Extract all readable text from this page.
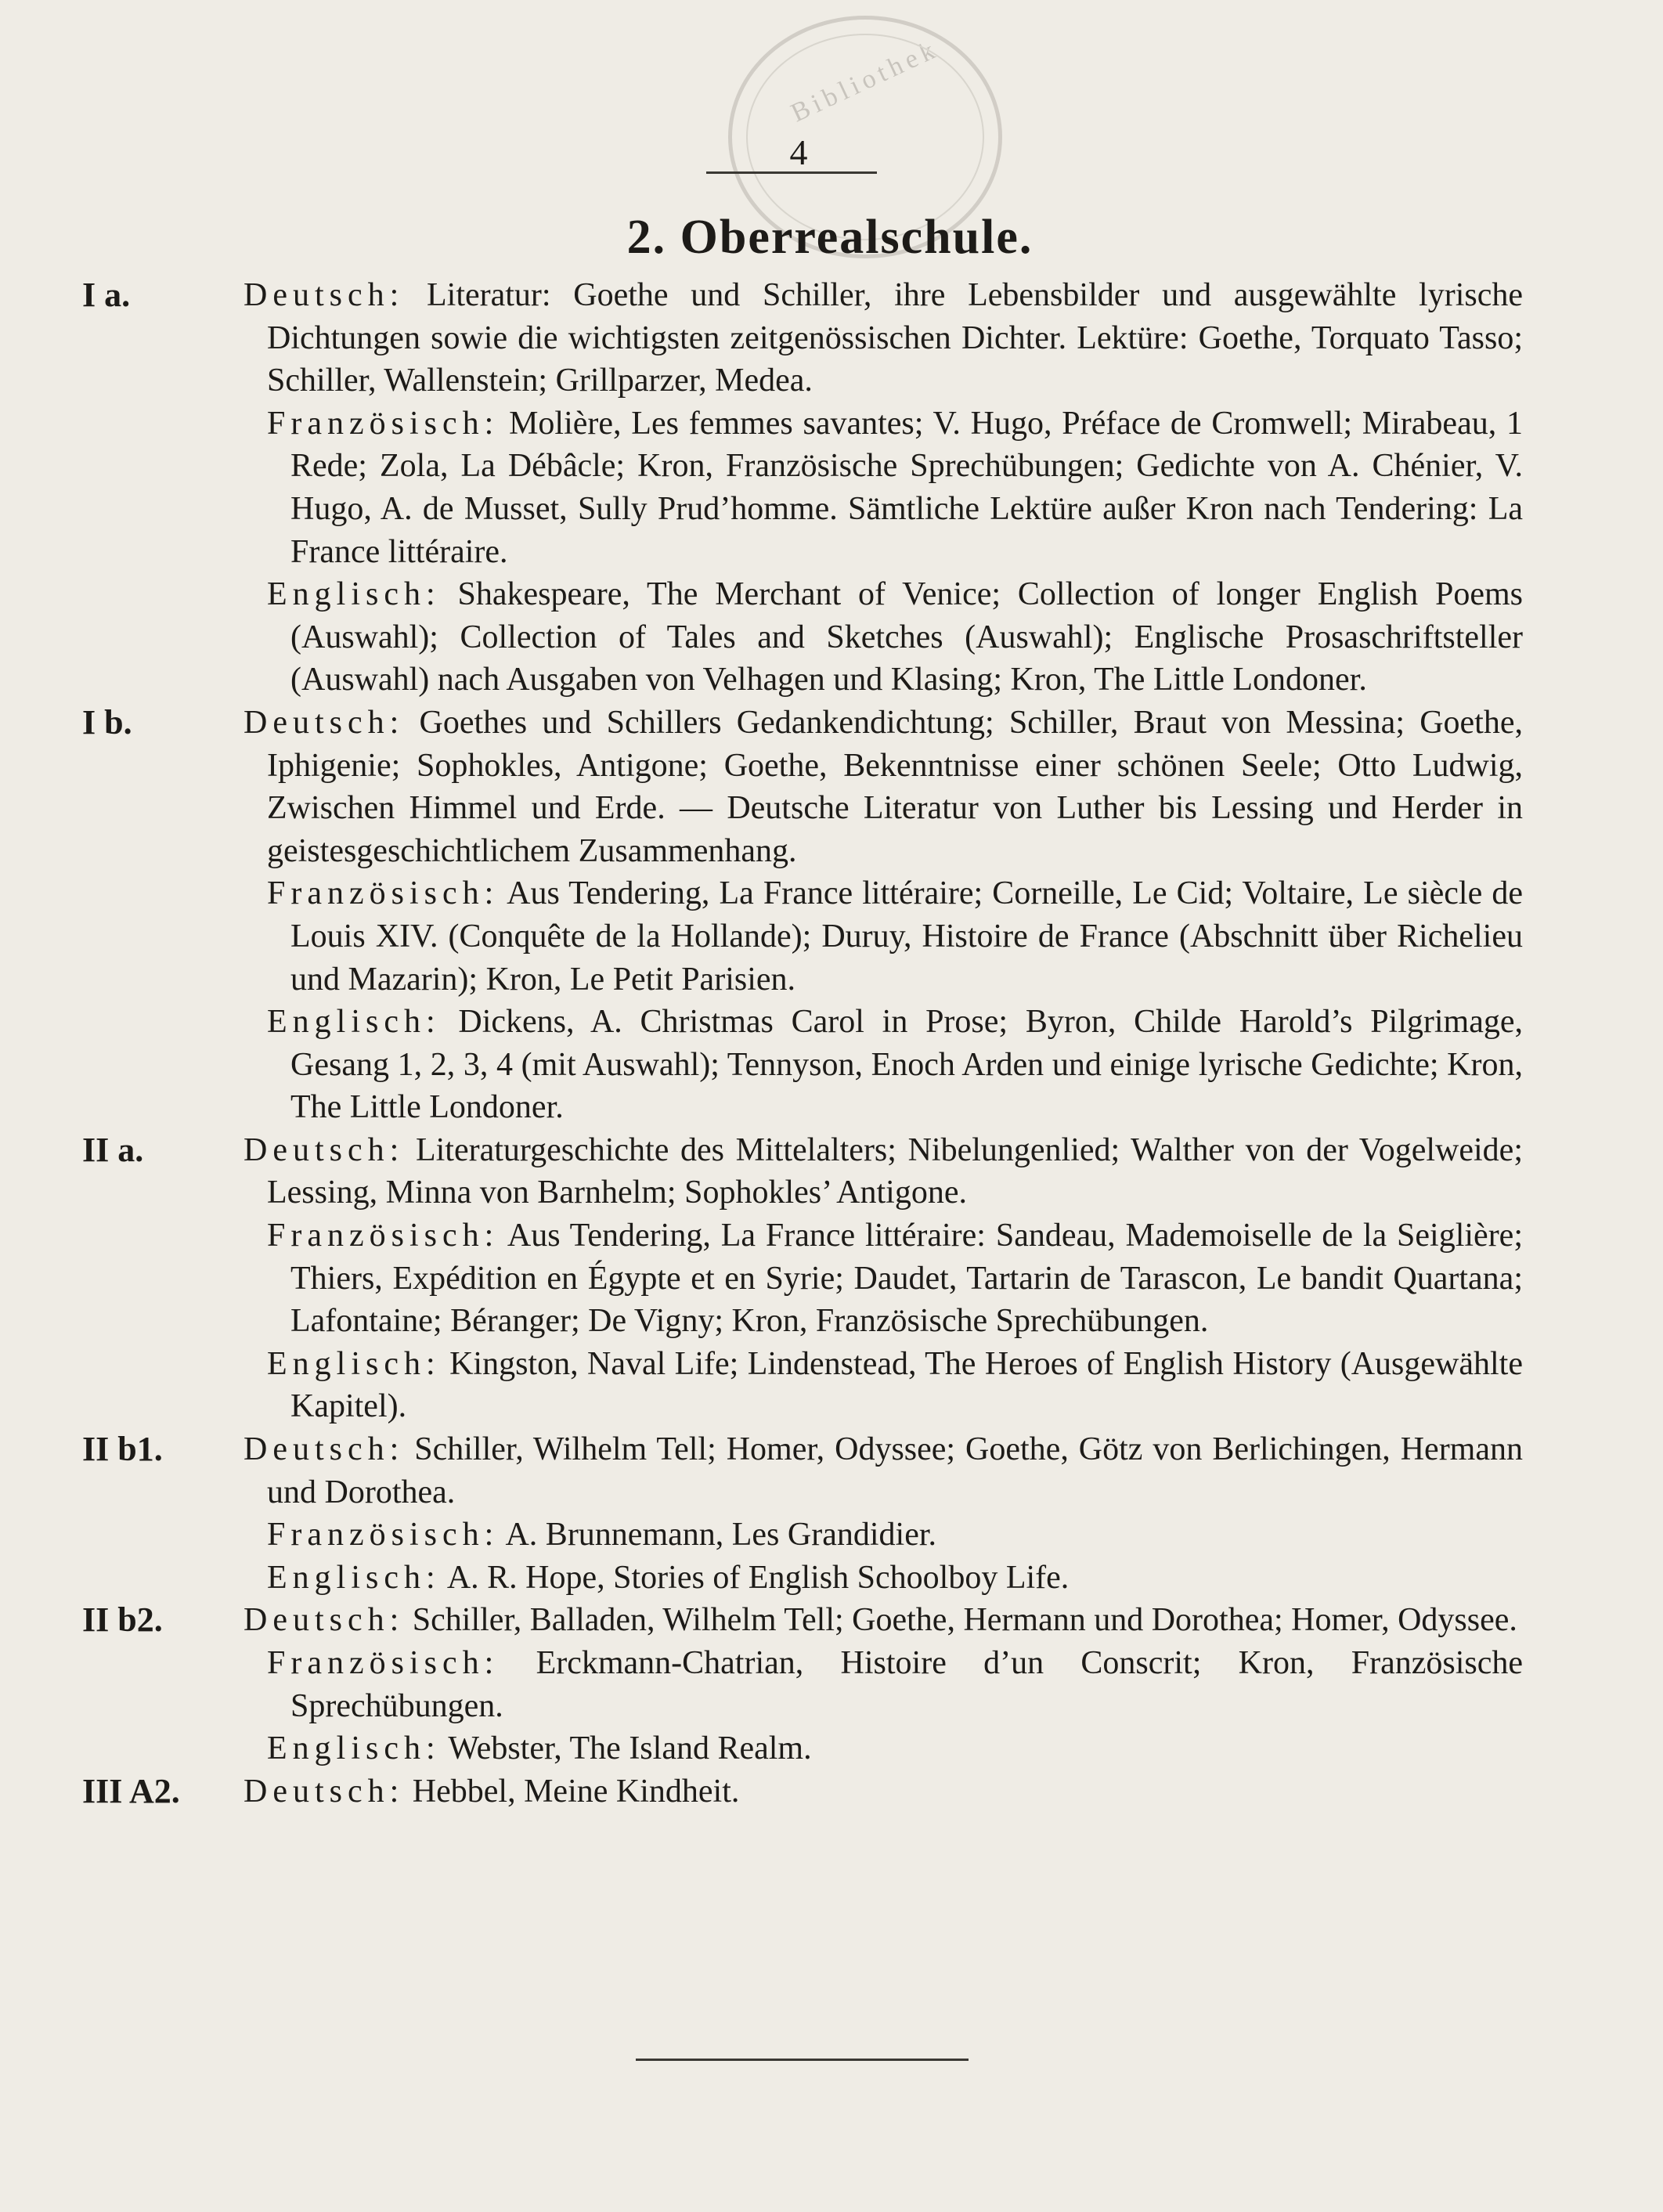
Bibliothek
4
2. Oberrealschule.
I a.	Deutsch: Literatur: Goethe und Schiller, ihre Lebensbilder und ausgewählte lyrische Dichtungen sowie die wichtigsten zeitgenössischen Dichter. Lektüre: Goethe, Torquato Tasso; Schiller, Wallenstein; Grillparzer, Medea.
Französisch: Molière, Les femmes savantes; V. Hugo, Préface de Cromwell; Mirabeau, 1 Rede; Zola, La Débâcle; Kron, Französische Sprechübungen; Gedichte von A. Chénier, V. Hugo, A. de Musset, Sully Prud’homme. Sämtliche Lektüre außer Kron nach Tendering: La France littéraire.
Englisch: Shakespeare, The Merchant of Venice; Collection of longer English Poems (Auswahl); Collection of Tales and Sketches (Auswahl); Englische Prosaschriftsteller (Auswahl) nach Ausgaben von Velhagen und Klasing; Kron, The Little Londoner.
I b.	Deutsch: Goethes und Schillers Gedankendichtung; Schiller, Braut von Messina; Goethe, Iphigenie; Sophokles, Antigone; Goethe, Bekenntnisse einer schönen Seele; Otto Ludwig, Zwischen Himmel und Erde. — Deutsche Literatur von Luther bis Lessing und Herder in geistesgeschichtlichem Zusammenhang.
Französisch: Aus Tendering, La France littéraire; Corneille, Le Cid; Voltaire, Le siècle de Louis XIV. (Conquête de la Hollande); Duruy, Histoire de France (Abschnitt über Richelieu und Mazarin); Kron, Le Petit Parisien.
Englisch: Dickens, A. Christmas Carol in Prose; Byron, Childe Harold’s Pilgrimage, Gesang 1, 2, 3, 4 (mit Auswahl); Tennyson, Enoch Arden und einige lyrische Gedichte; Kron, The Little Londoner.
II a.	Deutsch: Literaturgeschichte des Mittelalters; Nibelungenlied; Walther von der Vogelweide; Lessing, Minna von Barnhelm; Sophokles’ Antigone.
Französisch: Aus Tendering, La France littéraire: Sandeau, Mademoiselle de la Seiglière; Thiers, Expédition en Égypte et en Syrie; Daudet, Tartarin de Tarascon, Le bandit Quartana; Lafontaine; Béranger; De Vigny; Kron, Französische Sprechübungen.
Englisch: Kingston, Naval Life; Lindenstead, The Heroes of English History (Ausgewählte Kapitel).
II b1.	Deutsch: Schiller, Wilhelm Tell; Homer, Odyssee; Goethe, Götz von Berlichingen, Hermann und Dorothea.
Französisch: A. Brunnemann, Les Grandidier.
Englisch: A. R. Hope, Stories of English Schoolboy Life.
II b2.	Deutsch: Schiller, Balladen, Wilhelm Tell; Goethe, Hermann und Dorothea; Homer, Odyssee.
Französisch: Erckmann-Chatrian, Histoire d’un Conscrit; Kron, Französische Sprechübungen.
Englisch: Webster, The Island Realm.
III A2. Deutsch: Hebbel, Meine Kindheit.
